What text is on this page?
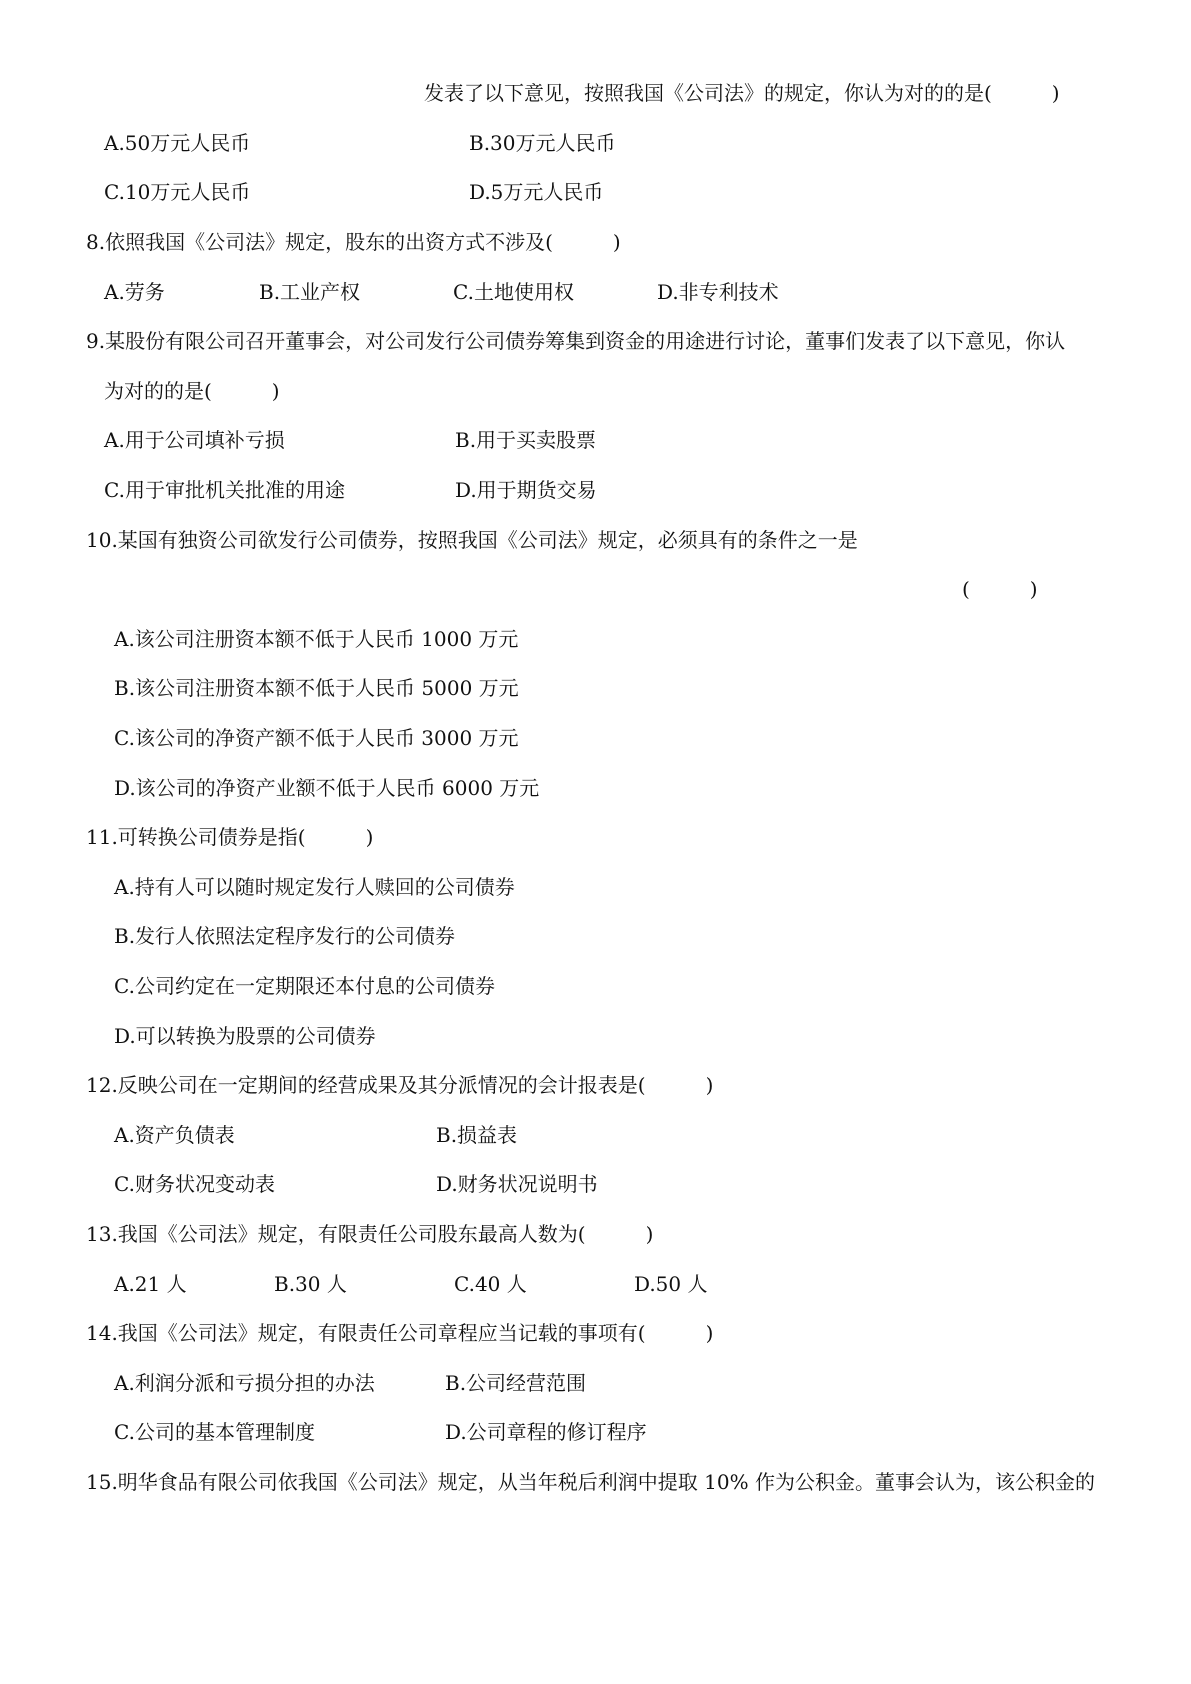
发表了以下意见，按照我国《公司法》的规定，你认为对的的是(　　　)
A.50万元人民币	B.30万元人民币
C.10万元人民币	D.5万元人民币
8.依照我国《公司法》规定，股东的出资方式不涉及(　　　)
A.劳务	B.工业产权	C.土地使用权	D.非专利技术
9.某股份有限公司召开董事会，对公司发行公司债券筹集到资金的用途进行讨论，董事们发表了以下意见，你认
为对的的是(　　　)
A.用于公司填补亏损	B.用于买卖股票
C.用于审批机关批准的用途	D.用于期货交易
10.某国有独资公司欲发行公司债券，按照我国《公司法》规定，必须具有的条件之一是
(　　　)
A.该公司注册资本额不低于人民币 1000 万元
B.该公司注册资本额不低于人民币 5000 万元
C.该公司的净资产额不低于人民币 3000 万元
D.该公司的净资产业额不低于人民币 6000 万元
11.可转换公司债券是指(　　　)
A.持有人可以随时规定发行人赎回的公司债券
B.发行人依照法定程序发行的公司债券
C.公司约定在一定期限还本付息的公司债券
D.可以转换为股票的公司债券
12.反映公司在一定期间的经营成果及其分派情况的会计报表是(　　　)
A.资产负债表	B.损益表
C.财务状况变动表	D.财务状况说明书
13.我国《公司法》规定，有限责任公司股东最高人数为(　　　)
A.21 人	B.30 人	C.40 人	D.50 人
14.我国《公司法》规定，有限责任公司章程应当记载的事项有(　　　)
A.利润分派和亏损分担的办法	B.公司经营范围
C.公司的基本管理制度	D.公司章程的修订程序
15.明华食品有限公司依我国《公司法》规定，从当年税后利润中提取 10% 作为公积金。董事会认为，该公积金的
